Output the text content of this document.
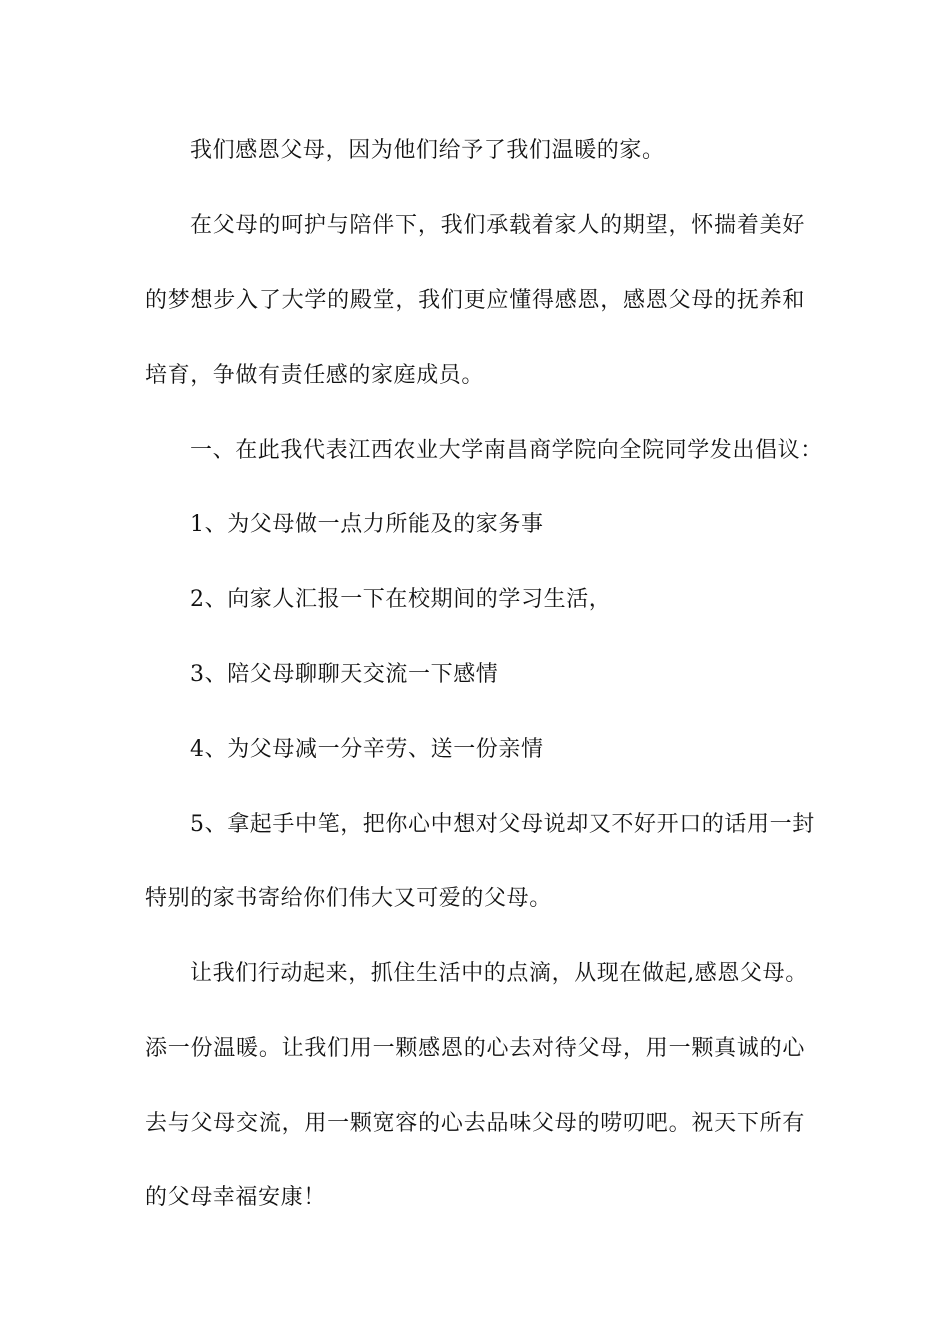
我们感恩父母，因为他们给予了我们温暖的家。
在父母的呵护与陪伴下，我们承载着家人的期望，怀揣着美好
的梦想步入了大学的殿堂，我们更应懂得感恩，感恩父母的抚养和
培育，争做有责任感的家庭成员。
一、在此我代表江西农业大学南昌商学院向全院同学发出倡议：
1、为父母做一点力所能及的家务事
2、向家人汇报一下在校期间的学习生活，
3、陪父母聊聊天交流一下感情
4、为父母减一分辛劳、送一份亲情
5、拿起手中笔，把你心中想对父母说却又不好开口的话用一封
特别的家书寄给你们伟大又可爱的父母。
让我们行动起来，抓住生活中的点滴，从现在做起,感恩父母。
添一份温暖。让我们用一颗感恩的心去对待父母，用一颗真诚的心
去与父母交流，用一颗宽容的心去品味父母的唠叨吧。祝天下所有
的父母幸福安康！
